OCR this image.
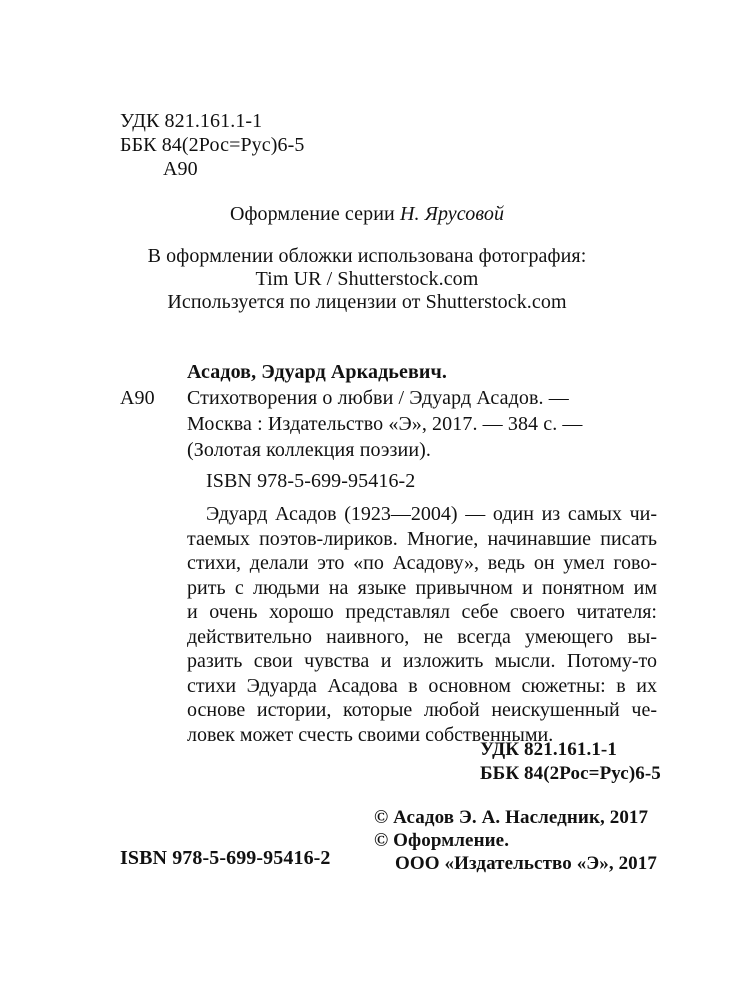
УДК 821.161.1-1
ББК 84(2Рос=Рус)6-5
А90
Оформление серии Н. Ярусовой
В оформлении обложки использована фотография:
Tim UR / Shutterstock.com
Используется по лицензии от Shutterstock.com
Асадов, Эдуард Аркадьевич.
А90 Стихотворения о любви / Эдуард Асадов. —
Москва : Издательство «Э», 2017. — 384 с. —
(Золотая коллекция поэзии).
ISBN 978-5-699-95416-2
Эдуард Асадов (1923—2004) — один из самых чи-
таемых поэтов-лириков. Многие, начинавшие писать
стихи, делали это «по Асадову», ведь он умел гово-
рить с людьми на языке привычном и понятном им
и очень хорошо представлял себе своего читателя:
действительно наивного, не всегда умеющего вы-
разить свои чувства и изложить мысли. Потому-то
стихи Эдуарда Асадова в основном сюжетны: в их
основе истории, которые любой неискушенный че-
ловек может счесть своими собственными.
УДК 821.161.1-1
ББК 84(2Рос=Рус)6-5
ISBN 978-5-699-95416-2
© Асадов Э. А. Наследник, 2017
© Оформление.
ООО «Издательство «Э», 2017
